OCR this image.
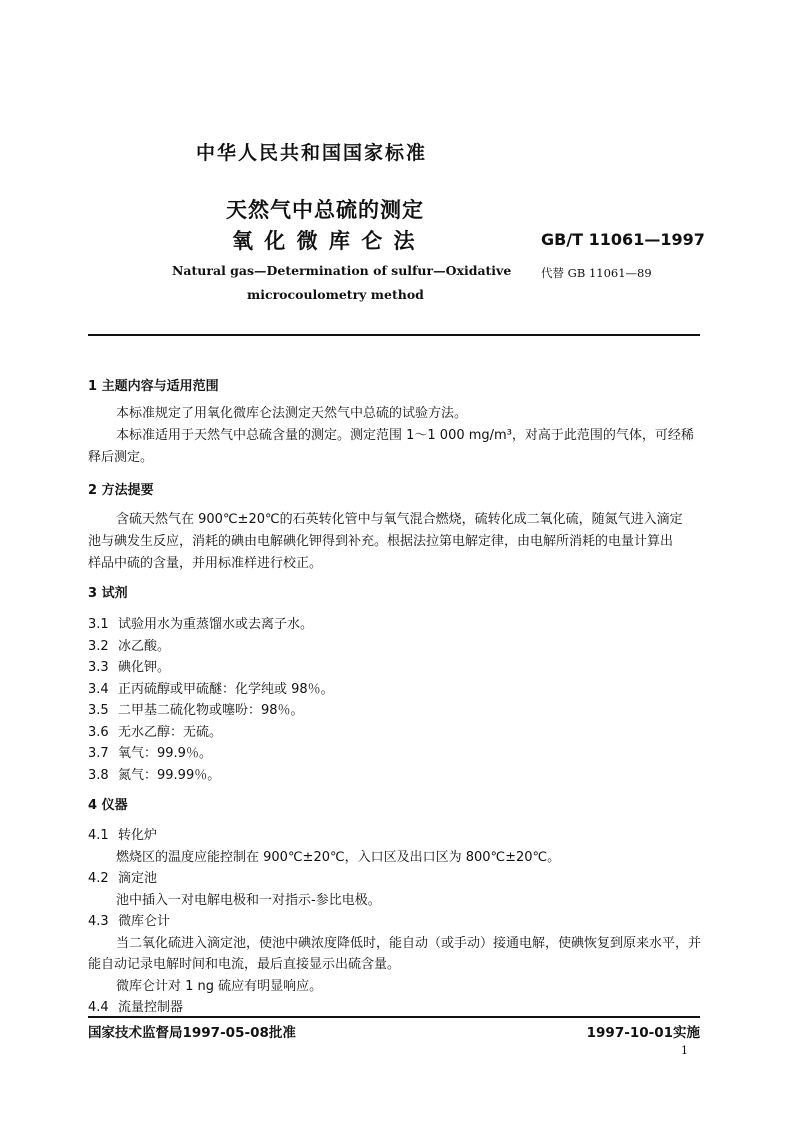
中华人民共和国国家标准
天然气中总硫的测定
氧 化 微 库 仑 法	GB/T 11061—1997
Natural gas—Determination of sulfur—Oxidative
microcoulometry method
代替 GB 11061—89
1 主题内容与适用范围
本标准规定了用氧化微库仑法测定天然气中总硫的试验方法。
本标准适用于天然气中总硫含量的测定。测定范围 1～1 000 mg/m³，对高于此范围的气体，可经稀
释后测定。
2 方法提要
含硫天然气在 900℃±20℃的石英转化管中与氧气混合燃烧，硫转化成二氧化硫，随氮气进入滴定
池与碘发生反应，消耗的碘由电解碘化钾得到补充。根据法拉第电解定律，由电解所消耗的电量计算出
样品中硫的含量，并用标准样进行校正。
3 试剂
3.1 试验用水为重蒸馏水或去离子水。
3.2 冰乙酸。
3.3 碘化钾。
3.4 正丙硫醇或甲硫醚：化学纯或 98％。
3.5 二甲基二硫化物或噻吩：98％。
3.6 无水乙醇：无硫。
3.7 氧气：99.9％。
3.8 氮气：99.99％。
4 仪器
4.1 转化炉
燃烧区的温度应能控制在 900℃±20℃，入口区及出口区为 800℃±20℃。
4.2 滴定池
池中插入一对电解电极和一对指示-参比电极。
4.3 微库仑计
当二氧化硫进入滴定池，使池中碘浓度降低时，能自动（或手动）接通电解，使碘恢复到原来水平，并
能自动记录电解时间和电流，最后直接显示出硫含量。
微库仑计对 1 ng 硫应有明显响应。
4.4 流量控制器
国家技术监督局1997-05-08批准	1997-10-01实施
1
